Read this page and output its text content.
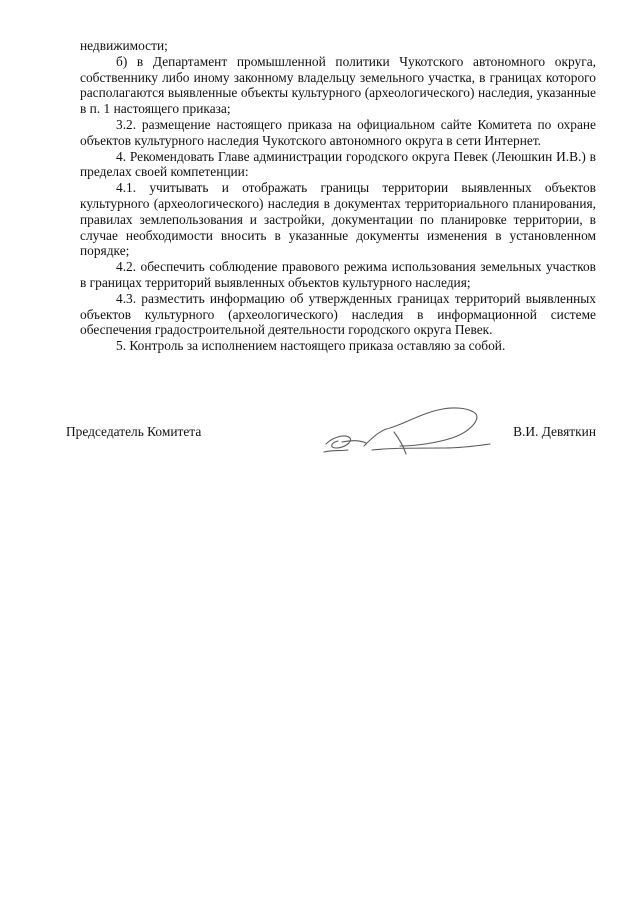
недвижимости;

б) в Департамент промышленной политики Чукотского автономного округа, собственнику либо иному законному владельцу земельного участка, в границах которого располагаются выявленные объекты культурного (археологического) наследия, указанные в п. 1 настоящего приказа;

3.2. размещение настоящего приказа на официальном сайте Комитета по охране объектов культурного наследия Чукотского автономного округа в сети Интернет.

4. Рекомендовать Главе администрации городского округа Певек (Леюшкин И.В.) в пределах своей компетенции:

4.1. учитывать и отображать границы территории выявленных объектов культурного (археологического) наследия в документах территориального планирования, правилах землепользования и застройки, документации по планировке территории, в случае необходимости вносить в указанные документы изменения в установленном порядке;

4.2. обеспечить соблюдение правового режима использования земельных участков в границах территорий выявленных объектов культурного наследия;

4.3. разместить информацию об утвержденных границах территорий выявленных объектов культурного (археологического) наследия в информационной системе обеспечения градостроительной деятельности городского округа Певек.

5. Контроль за исполнением настоящего приказа оставляю за собой.

Председатель Комитета	В.И. Девяткин
